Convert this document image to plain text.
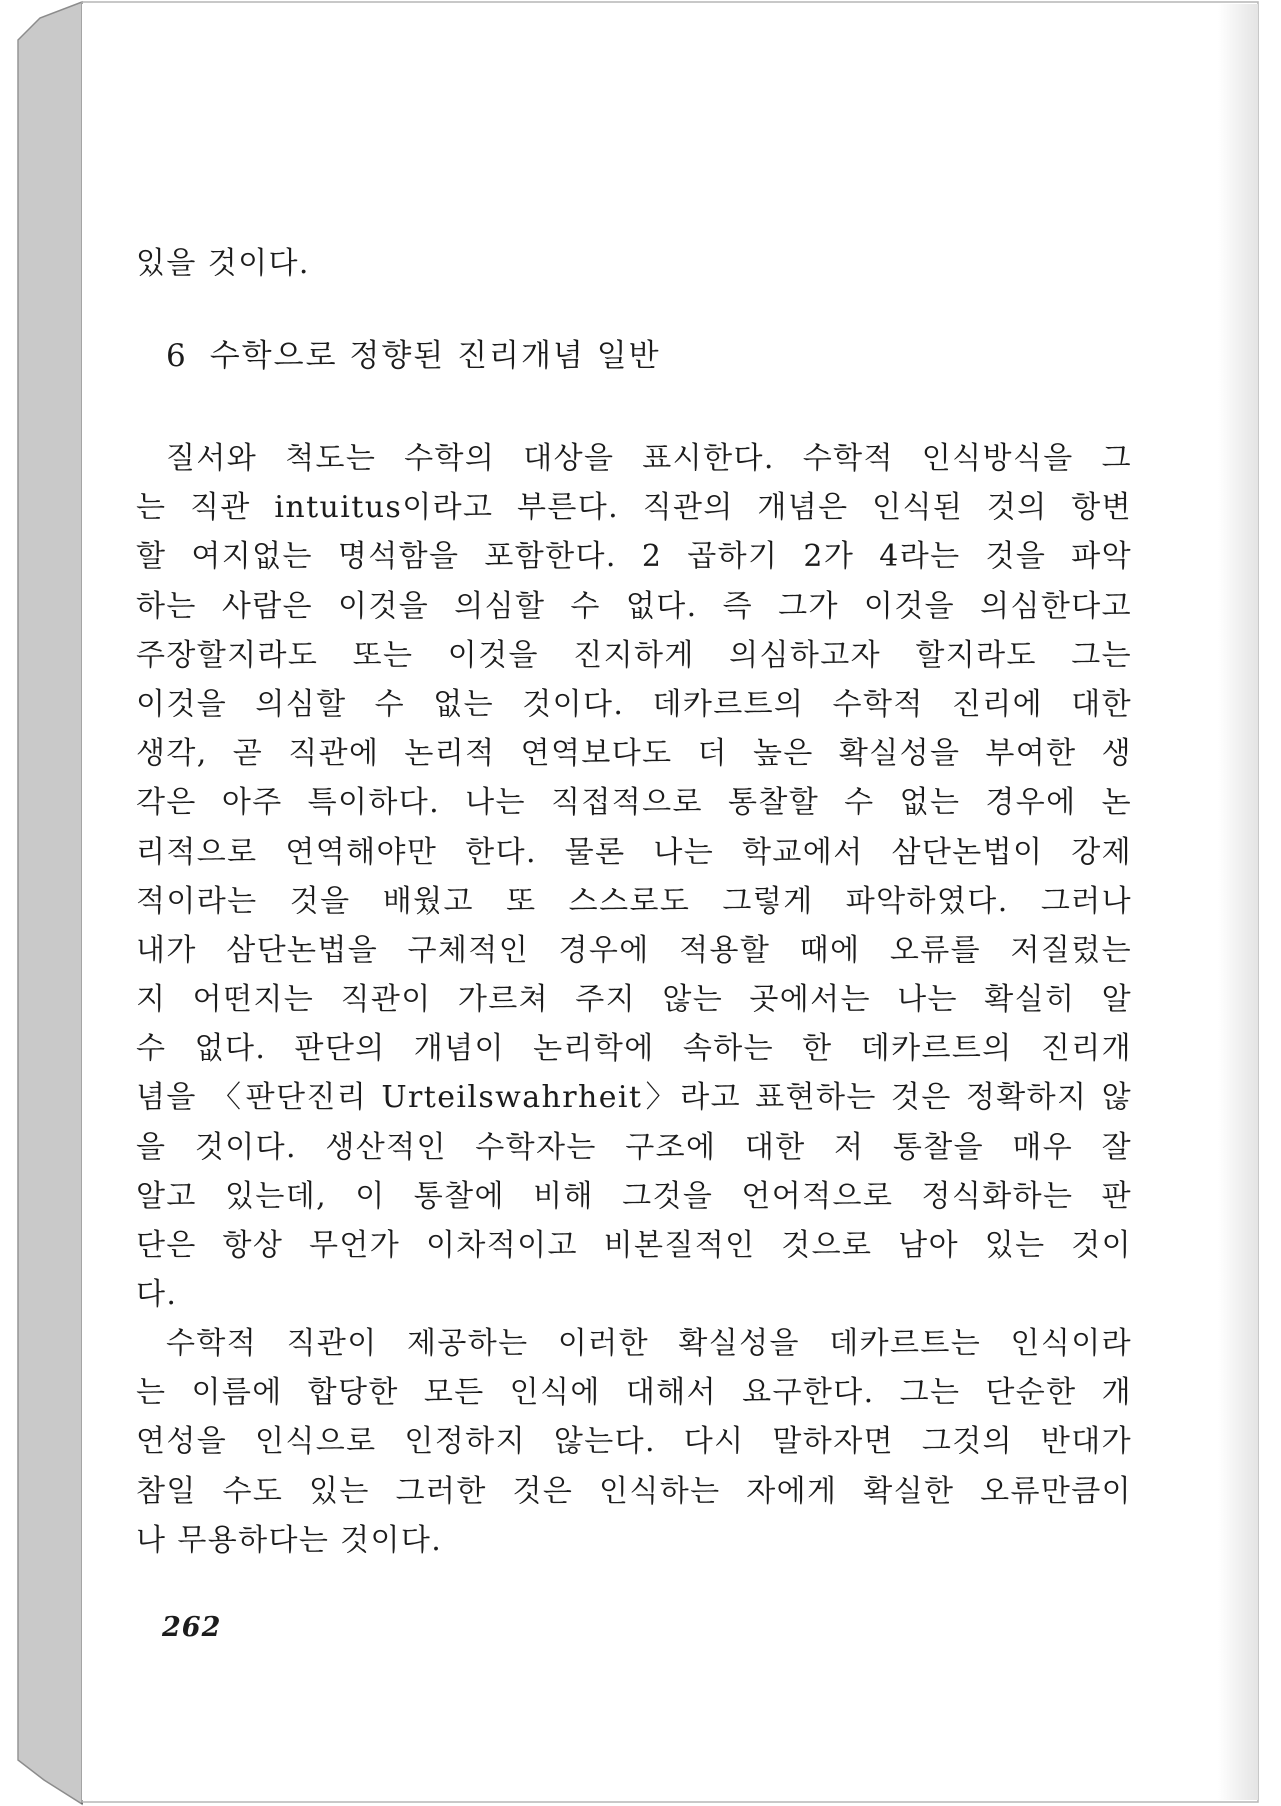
있을 것이다.
6 수학으로 정향된 진리개념 일반
질서와 척도는 수학의 대상을 표시한다. 수학적 인식방식을 그
는 직관 intuitus이라고 부른다. 직관의 개념은 인식된 것의 항변
할 여지없는 명석함을 포함한다. 2 곱하기 2가 4라는 것을 파악
하는 사람은 이것을 의심할 수 없다. 즉 그가 이것을 의심한다고
주장할지라도 또는 이것을 진지하게 의심하고자 할지라도 그는
이것을 의심할 수 없는 것이다. 데카르트의 수학적 진리에 대한
생각, 곧 직관에 논리적 연역보다도 더 높은 확실성을 부여한 생
각은 아주 특이하다. 나는 직접적으로 통찰할 수 없는 경우에 논
리적으로 연역해야만 한다. 물론 나는 학교에서 삼단논법이 강제
적이라는 것을 배웠고 또 스스로도 그렇게 파악하였다. 그러나
내가 삼단논법을 구체적인 경우에 적용할 때에 오류를 저질렀는
지 어떤지는 직관이 가르쳐 주지 않는 곳에서는 나는 확실히 알
수 없다. 판단의 개념이 논리학에 속하는 한 데카르트의 진리개
념을 〈판단진리 Urteilswahrheit〉라고 표현하는 것은 정확하지 않
을 것이다. 생산적인 수학자는 구조에 대한 저 통찰을 매우 잘
알고 있는데, 이 통찰에 비해 그것을 언어적으로 정식화하는 판
단은 항상 무언가 이차적이고 비본질적인 것으로 남아 있는 것이
다.
수학적 직관이 제공하는 이러한 확실성을 데카르트는 인식이라
는 이름에 합당한 모든 인식에 대해서 요구한다. 그는 단순한 개
연성을 인식으로 인정하지 않는다. 다시 말하자면 그것의 반대가
참일 수도 있는 그러한 것은 인식하는 자에게 확실한 오류만큼이
나 무용하다는 것이다.
262
